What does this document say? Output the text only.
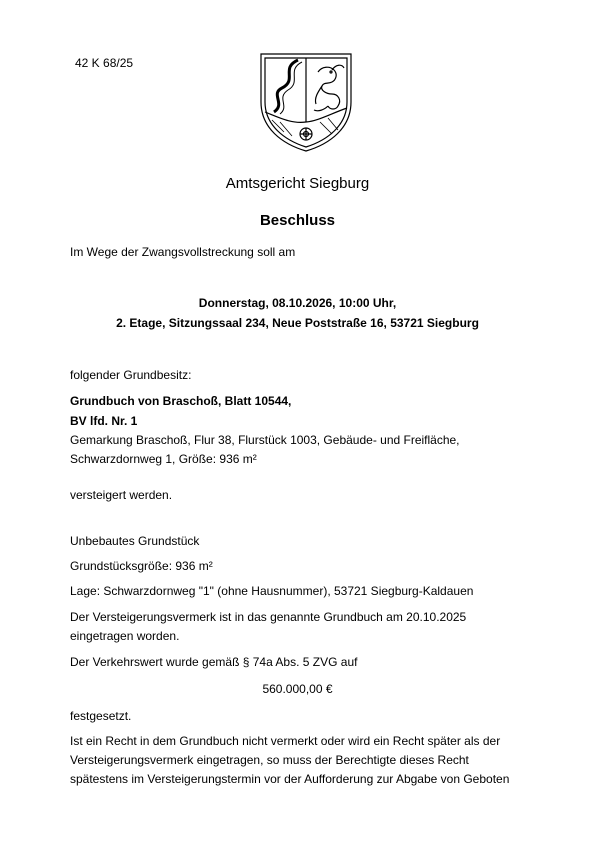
42 K 68/25
Amtsgericht Siegburg
Beschluss
Im Wege der Zwangsvollstreckung soll am
Donnerstag, 08.10.2026, 10:00 Uhr,
2. Etage, Sitzungssaal 234, Neue Poststraße 16, 53721 Siegburg
folgender Grundbesitz:
Grundbuch von Braschoß, Blatt 10544,
BV lfd. Nr. 1
Gemarkung Braschoß, Flur 38, Flurstück 1003, Gebäude- und Freifläche,
Schwarzdornweg 1, Größe: 936 m²
versteigert werden.
Unbebautes Grundstück
Grundstücksgröße: 936 m²
Lage: Schwarzdornweg "1" (ohne Hausnummer), 53721 Siegburg-Kaldauen
Der Versteigerungsvermerk ist in das genannte Grundbuch am 20.10.2025
eingetragen worden.
Der Verkehrswert wurde gemäß § 74a Abs. 5 ZVG auf
560.000,00 €
festgesetzt.
Ist ein Recht in dem Grundbuch nicht vermerkt oder wird ein Recht später als der
Versteigerungsvermerk eingetragen, so muss der Berechtigte dieses Recht
spätestens im Versteigerungstermin vor der Aufforderung zur Abgabe von Geboten
